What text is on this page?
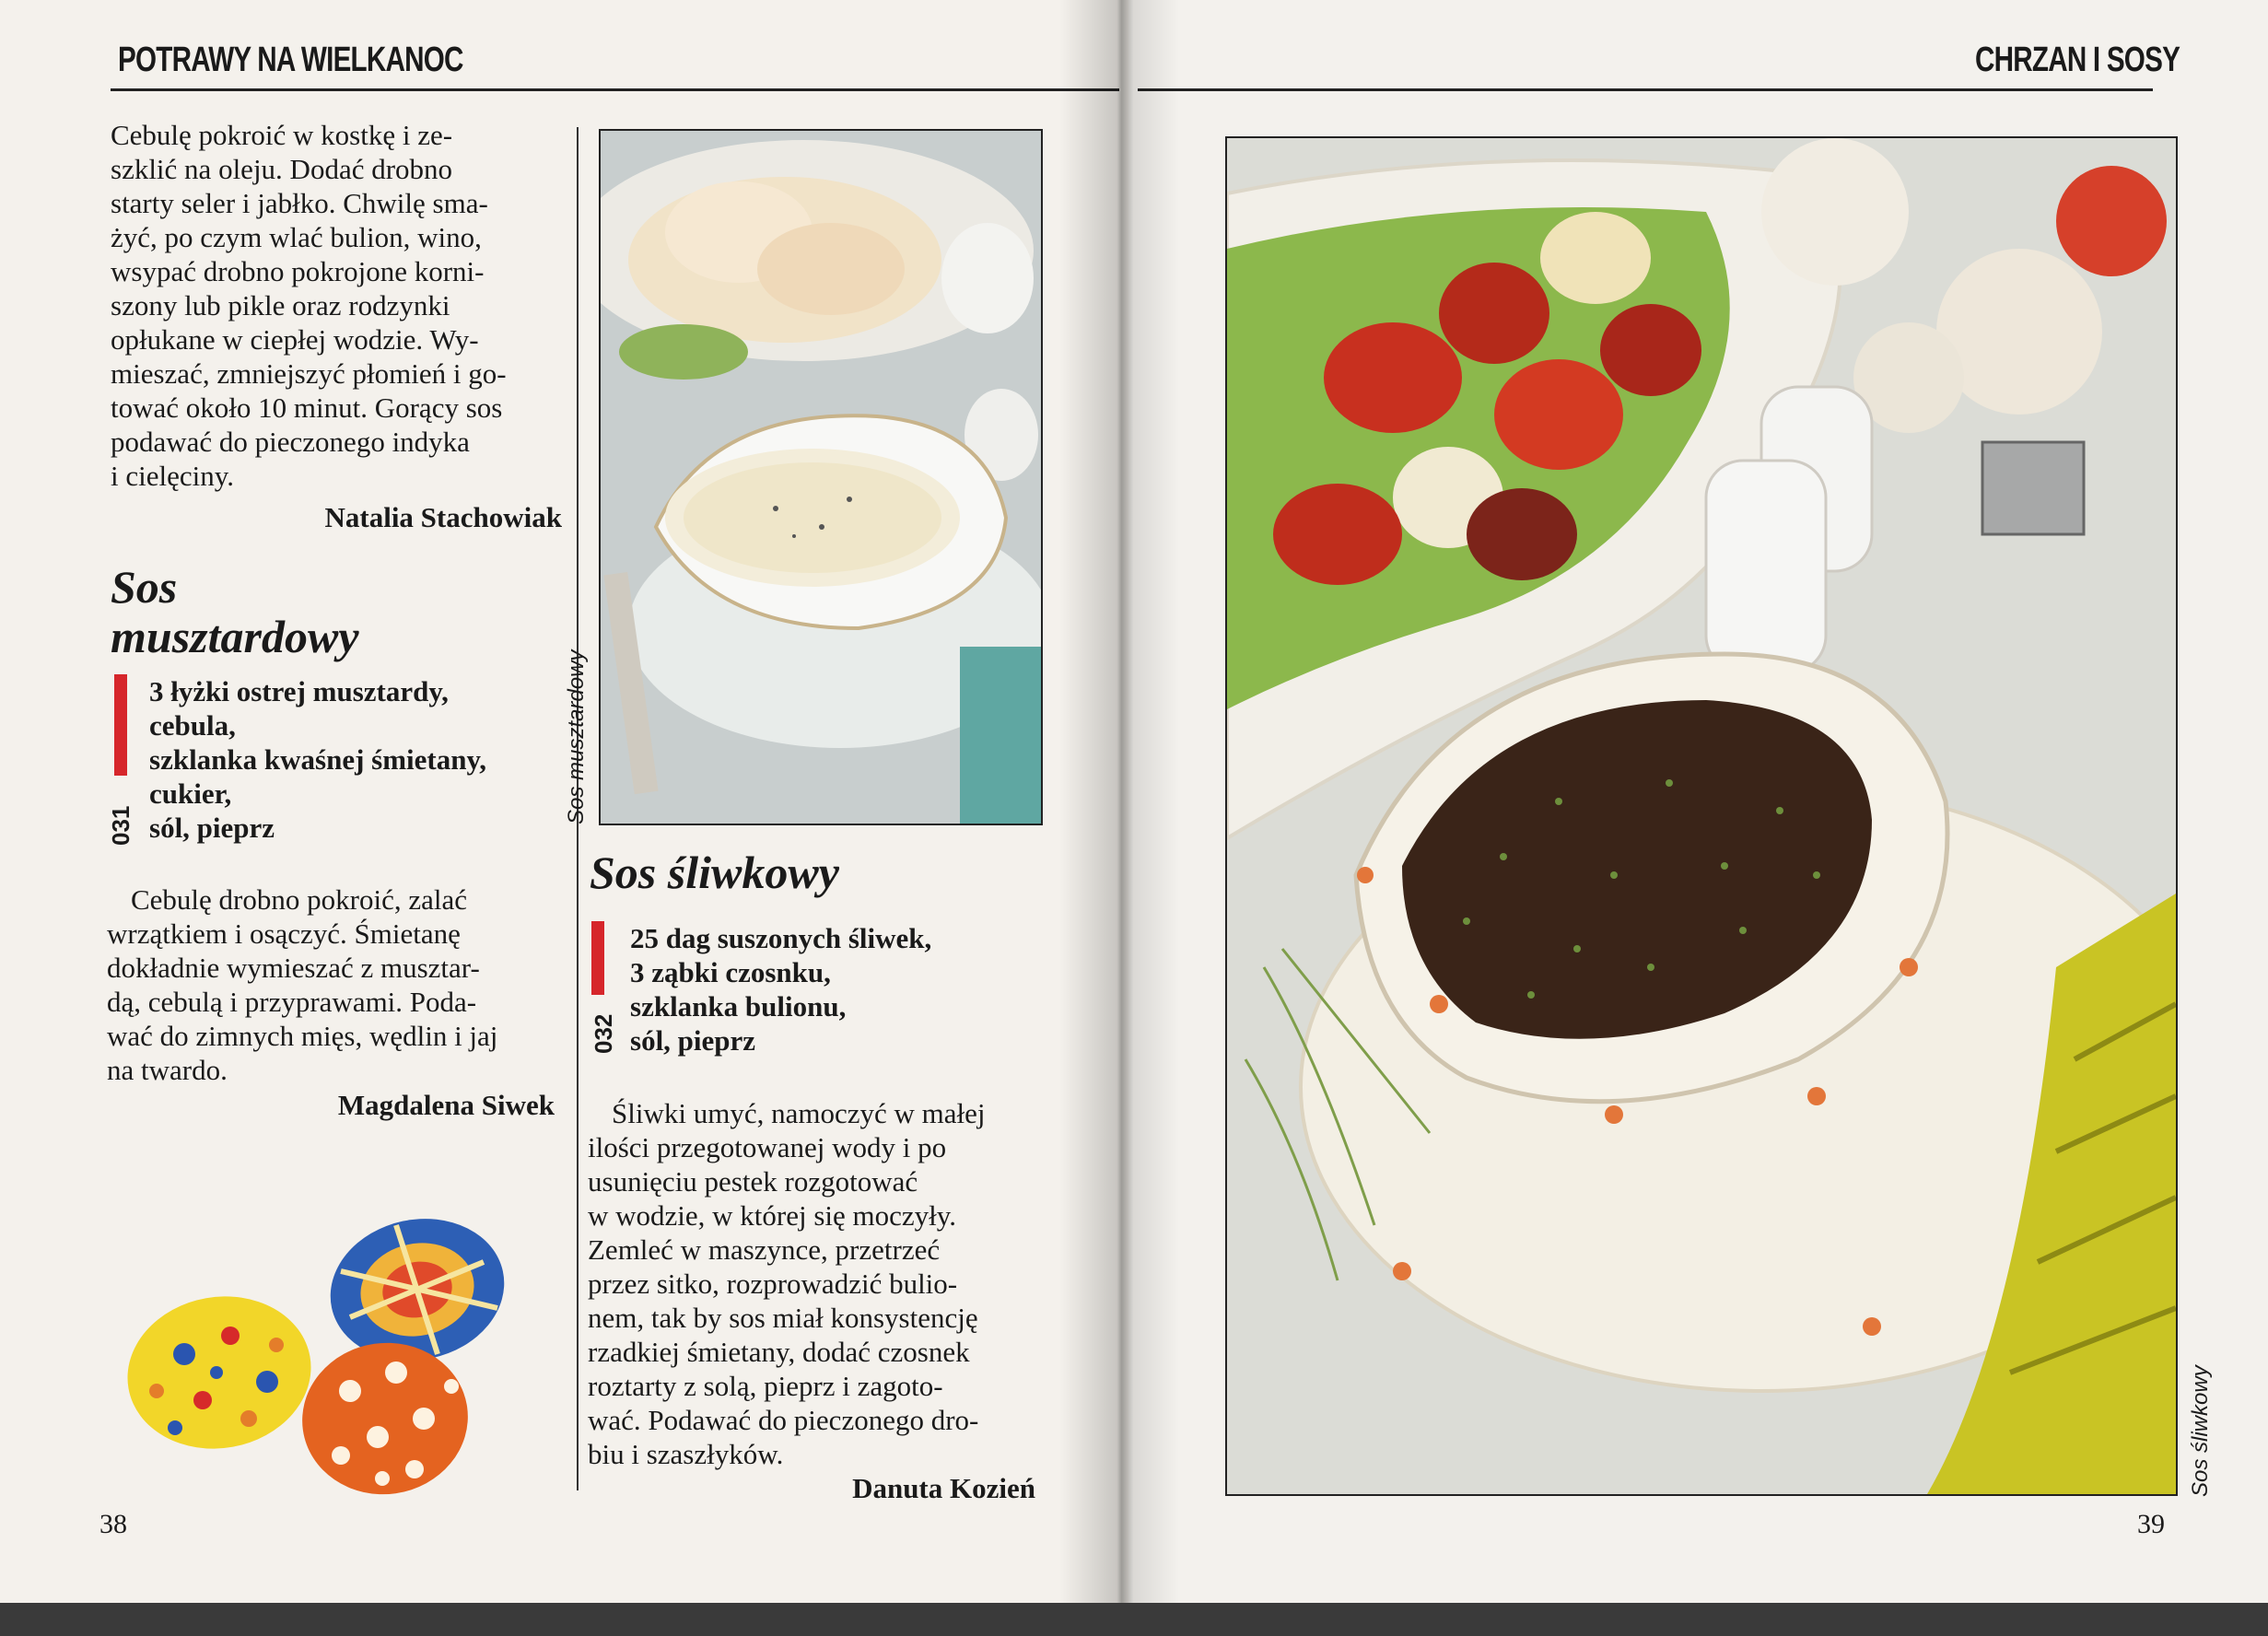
POTRAWY NA WIELKANOC
Cebulę pokroić w kostkę i ze-
szklić na oleju. Dodać drobno
starty seler i jabłko. Chwilę sma-
żyć, po czym wlać bulion, wino,
wsypać drobno pokrojone korni-
szony lub pikle oraz rodzynki
opłukane w ciepłej wodzie. Wy-
mieszać, zmniejszyć płomień i go-
tować około 10 minut. Gorący sos
podawać do pieczonego indyka
i cielęciny.
Natalia Stachowiak
Sos
musztardowy
031
3 łyżki ostrej musztardy,
cebula,
szklanka kwaśnej śmietany,
cukier,
sól, pieprz
Cebulę drobno pokroić, zalać
wrzątkiem i osączyć. Śmietanę
dokładnie wymieszać z musztar-
dą, cebulą i przyprawami. Poda-
wać do zimnych mięs, wędlin i jaj
na twardo.
Magdalena Siwek
Sos musztardowy
Sos śliwkowy
032
25 dag suszonych śliwek,
3 ząbki czosnku,
szklanka bulionu,
sól, pieprz
Śliwki umyć, namoczyć w małej
ilości przegotowanej wody i po
usunięciu pestek rozgotować
w wodzie, w której się moczyły.
Zemleć w maszynce, przetrzeć
przez sitko, rozprowadzić bulio-
nem, tak by sos miał konsystencję
rzadkiej śmietany, dodać czosnek
roztarty z solą, pieprz i zagoto-
wać. Podawać do pieczonego dro-
biu i szaszłyków.
Danuta Kozień
38
CHRZAN I SOSY
Sos śliwkowy
39
